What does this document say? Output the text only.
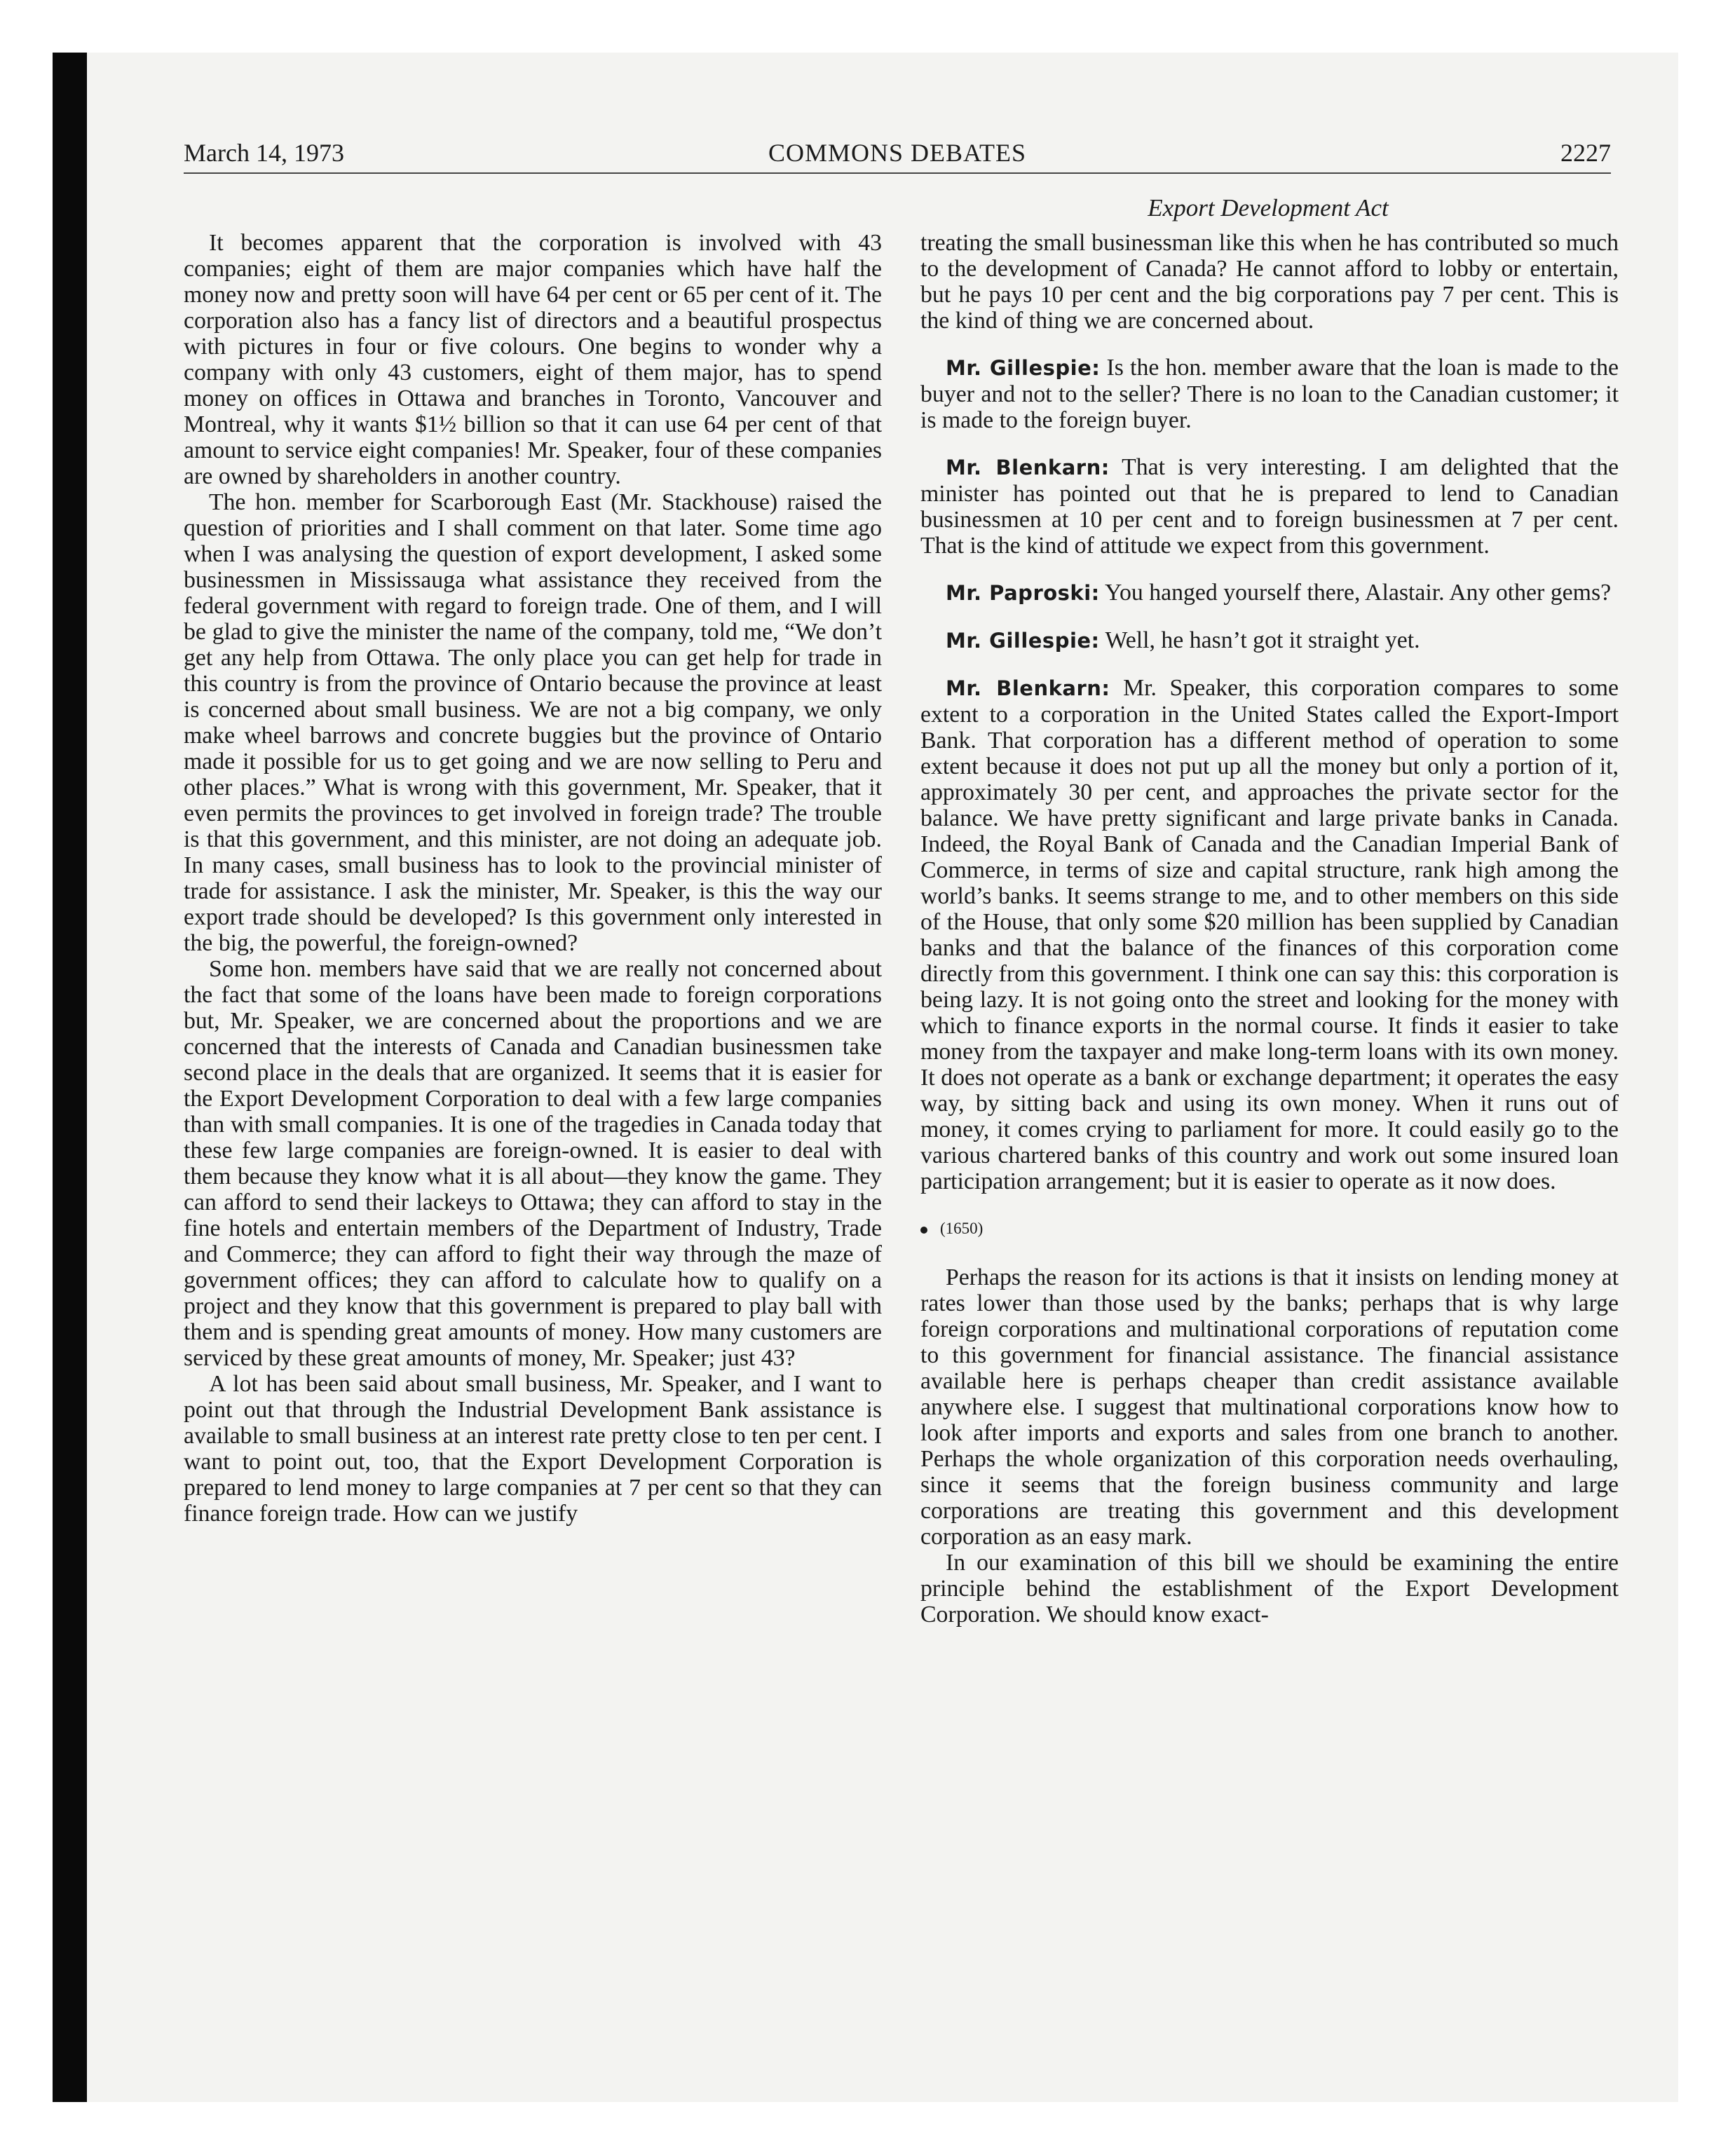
March 14, 1973	COMMONS DEBATES	2227
Export Development Act

It becomes apparent that the corporation is involved with 43 companies; eight of them are major companies which have half the money now and pretty soon will have 64 per cent or 65 per cent of it. The corporation also has a fancy list of directors and a beautiful prospectus with pictures in four or five colours. One begins to wonder why a company with only 43 customers, eight of them major, has to spend money on offices in Ottawa and branches in Toronto, Vancouver and Montreal, why it wants $1½ billion so that it can use 64 per cent of that amount to service eight companies! Mr. Speaker, four of these companies are owned by shareholders in another country.

The hon. member for Scarborough East (Mr. Stackhouse) raised the question of priorities and I shall comment on that later. Some time ago when I was analysing the question of export development, I asked some businessmen in Mississauga what assistance they received from the federal government with regard to foreign trade. One of them, and I will be glad to give the minister the name of the company, told me, “We don’t get any help from Ottawa. The only place you can get help for trade in this country is from the province of Ontario because the province at least is concerned about small business. We are not a big company, we only make wheel barrows and concrete buggies but the province of Ontario made it possible for us to get going and we are now selling to Peru and other places.” What is wrong with this government, Mr. Speaker, that it even permits the provinces to get involved in foreign trade? The trouble is that this government, and this minister, are not doing an adequate job. In many cases, small business has to look to the provincial minister of trade for assistance. I ask the minister, Mr. Speaker, is this the way our export trade should be developed? Is this government only interested in the big, the powerful, the foreign-owned?

Some hon. members have said that we are really not concerned about the fact that some of the loans have been made to foreign corporations but, Mr. Speaker, we are concerned about the proportions and we are concerned that the interests of Canada and Canadian businessmen take second place in the deals that are organized. It seems that it is easier for the Export Development Corporation to deal with a few large companies than with small companies. It is one of the tragedies in Canada today that these few large companies are foreign-owned. It is easier to deal with them because they know what it is all about—they know the game. They can afford to send their lackeys to Ottawa; they can afford to stay in the fine hotels and entertain members of the Department of Industry, Trade and Commerce; they can afford to fight their way through the maze of government offices; they can afford to calculate how to qualify on a project and they know that this government is prepared to play ball with them and is spending great amounts of money. How many customers are serviced by these great amounts of money, Mr. Speaker; just 43?

A lot has been said about small business, Mr. Speaker, and I want to point out that through the Industrial Development Bank assistance is available to small business at an interest rate pretty close to ten per cent. I want to point out, too, that the Export Development Corporation is prepared to lend money to large companies at 7 per cent so that they can finance foreign trade. How can we justify

treating the small businessman like this when he has contributed so much to the development of Canada? He cannot afford to lobby or entertain, but he pays 10 per cent and the big corporations pay 7 per cent. This is the kind of thing we are concerned about.

Mr. Gillespie: Is the hon. member aware that the loan is made to the buyer and not to the seller? There is no loan to the Canadian customer; it is made to the foreign buyer.

Mr. Blenkarn: That is very interesting. I am delighted that the minister has pointed out that he is prepared to lend to Canadian businessmen at 10 per cent and to foreign businessmen at 7 per cent. That is the kind of attitude we expect from this government.

Mr. Paproski: You hanged yourself there, Alastair. Any other gems?

Mr. Gillespie: Well, he hasn’t got it straight yet.

Mr. Blenkarn: Mr. Speaker, this corporation compares to some extent to a corporation in the United States called the Export-Import Bank. That corporation has a different method of operation to some extent because it does not put up all the money but only a portion of it, approximately 30 per cent, and approaches the private sector for the balance. We have pretty significant and large private banks in Canada. Indeed, the Royal Bank of Canada and the Canadian Imperial Bank of Commerce, in terms of size and capital structure, rank high among the world’s banks. It seems strange to me, and to other members on this side of the House, that only some $20 million has been supplied by Canadian banks and that the balance of the finances of this corporation come directly from this government. I think one can say this: this corporation is being lazy. It is not going onto the street and looking for the money with which to finance exports in the normal course. It finds it easier to take money from the taxpayer and make long-term loans with its own money. It does not operate as a bank or exchange department; it operates the easy way, by sitting back and using its own money. When it runs out of money, it comes crying to parliament for more. It could easily go to the various chartered banks of this country and work out some insured loan participation arrangement; but it is easier to operate as it now does.

(1650)

Perhaps the reason for its actions is that it insists on lending money at rates lower than those used by the banks; perhaps that is why large foreign corporations and multinational corporations of reputation come to this government for financial assistance. The financial assistance available here is perhaps cheaper than credit assistance available anywhere else. I suggest that multinational corporations know how to look after imports and exports and sales from one branch to another. Perhaps the whole organization of this corporation needs overhauling, since it seems that the foreign business community and large corporations are treating this government and this development corporation as an easy mark.

In our examination of this bill we should be examining the entire principle behind the establishment of the Export Development Corporation. We should know exact-
